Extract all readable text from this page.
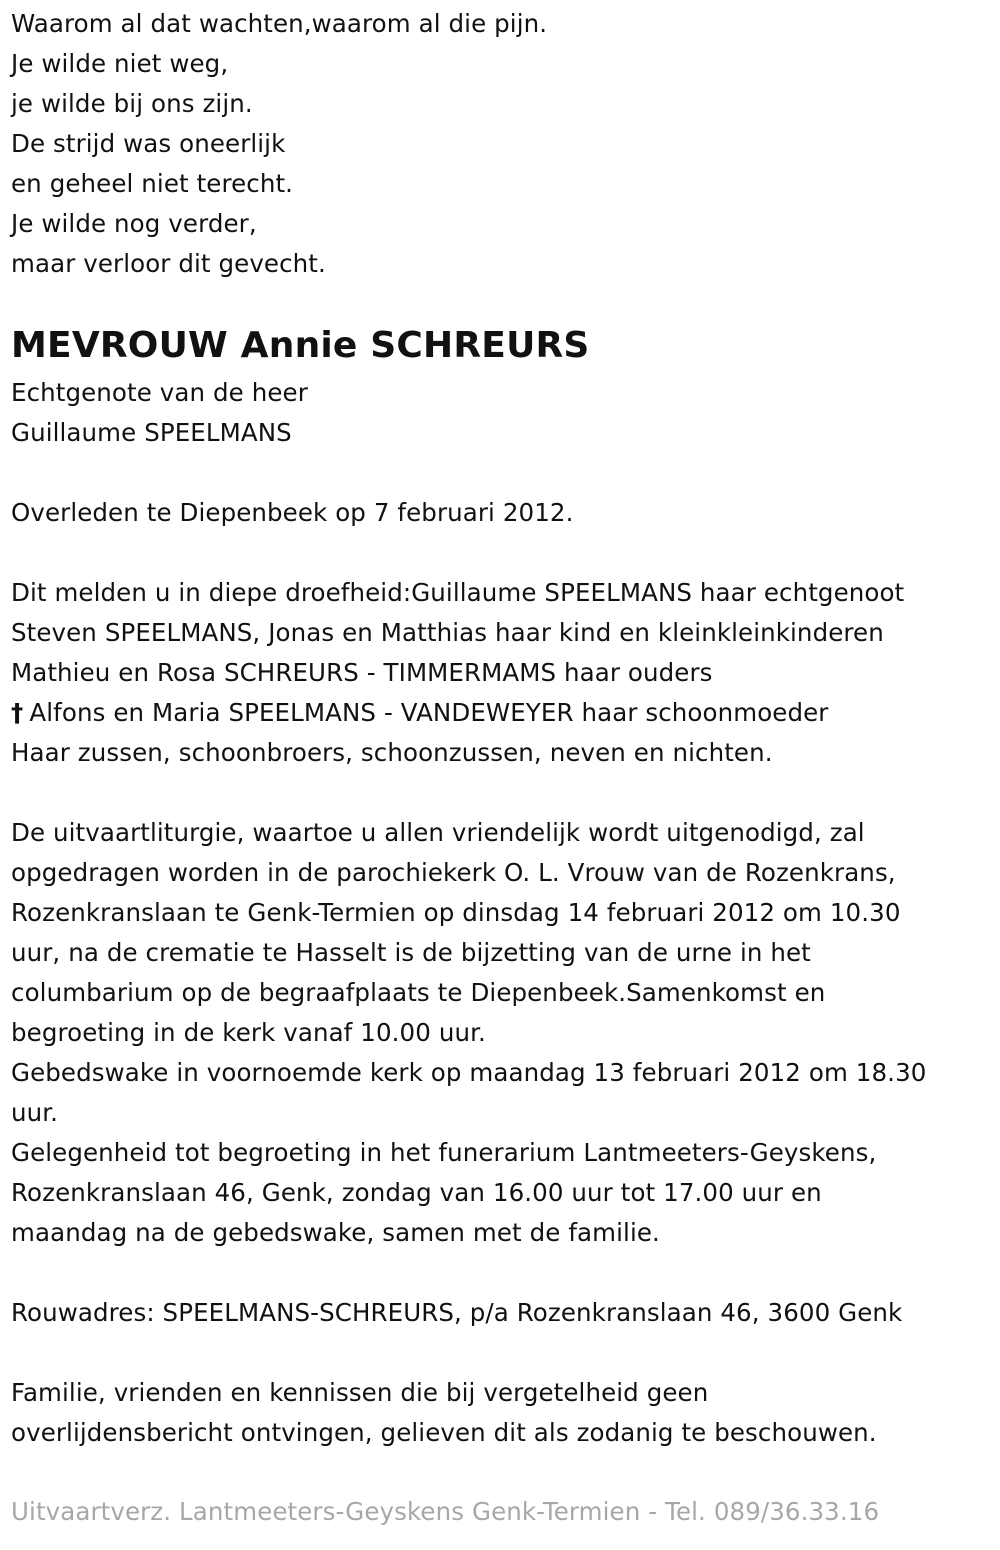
Waarom al dat wachten,waarom al die pijn.
Je wilde niet weg,
je wilde bij ons zijn.
De strijd was oneerlijk
en geheel niet terecht.
Je wilde nog verder,
maar verloor dit gevecht.
MEVROUW Annie SCHREURS
Echtgenote van de heer
Guillaume SPEELMANS
Overleden te Diepenbeek op 7 februari 2012.
Dit melden u in diepe droefheid:Guillaume SPEELMANS haar echtgenoot
Steven SPEELMANS, Jonas en Matthias haar kind en kleinkleinkinderen
Mathieu en Rosa SCHREURS - TIMMERMAMS haar ouders
† Alfons en Maria SPEELMANS - VANDEWEYER haar schoonmoeder
Haar zussen, schoonbroers, schoonzussen, neven en nichten.
De uitvaartliturgie, waartoe u allen vriendelijk wordt uitgenodigd, zal
opgedragen worden in de parochiekerk O. L. Vrouw van de Rozenkrans,
Rozenkranslaan te Genk-Termien op dinsdag 14 februari 2012 om 10.30
uur, na de crematie te Hasselt is de bijzetting van de urne in het
columbarium op de begraafplaats te Diepenbeek.Samenkomst en
begroeting in de kerk vanaf 10.00 uur.
Gebedswake in voornoemde kerk op maandag 13 februari 2012 om 18.30
uur.
Gelegenheid tot begroeting in het funerarium Lantmeeters-Geyskens,
Rozenkranslaan 46, Genk, zondag van 16.00 uur tot 17.00 uur en
maandag na de gebedswake, samen met de familie.
Rouwadres: SPEELMANS-SCHREURS, p/a Rozenkranslaan 46, 3600 Genk
Familie, vrienden en kennissen die bij vergetelheid geen
overlijdensbericht ontvingen, gelieven dit als zodanig te beschouwen.
Uitvaartverz. Lantmeeters-Geyskens Genk-Termien - Tel. 089/36.33.16
